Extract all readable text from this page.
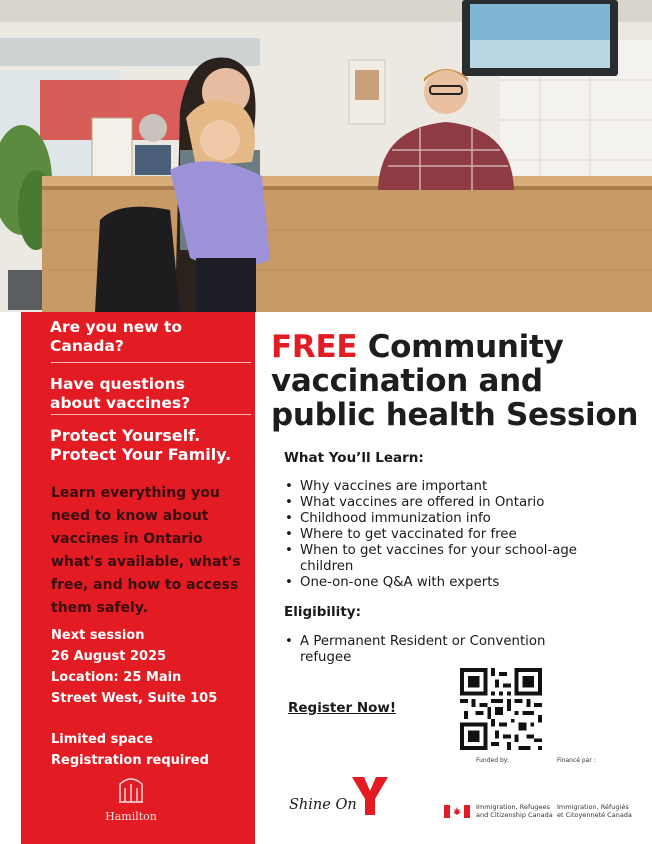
Are you new to Canada?
Have questions about vaccines?
Protect Yourself. Protect Your Family.
Learn everything you need to know about vaccines in Ontario what's available, what's free, and how to access them safely.
Next session
26 August 2025
Location: 25 Main Street West, Suite 105
Limited space
Registration required
Hamilton
FREE Community vaccination and public health Session
What You’ll Learn:
• Why vaccines are important
• What vaccines are offered in Ontario
• Childhood immunization info
• Where to get vaccinated for free
• When to get vaccines for your school-age children
• One-on-one Q&A with experts
Eligibility:
• A Permanent Resident or Convention refugee
Register Now!
Shine On
Funded by:	Financé par :
Immigration, Refugees
and Citizenship Canada
Immigration, Réfugiés
et Citoyenneté Canada
